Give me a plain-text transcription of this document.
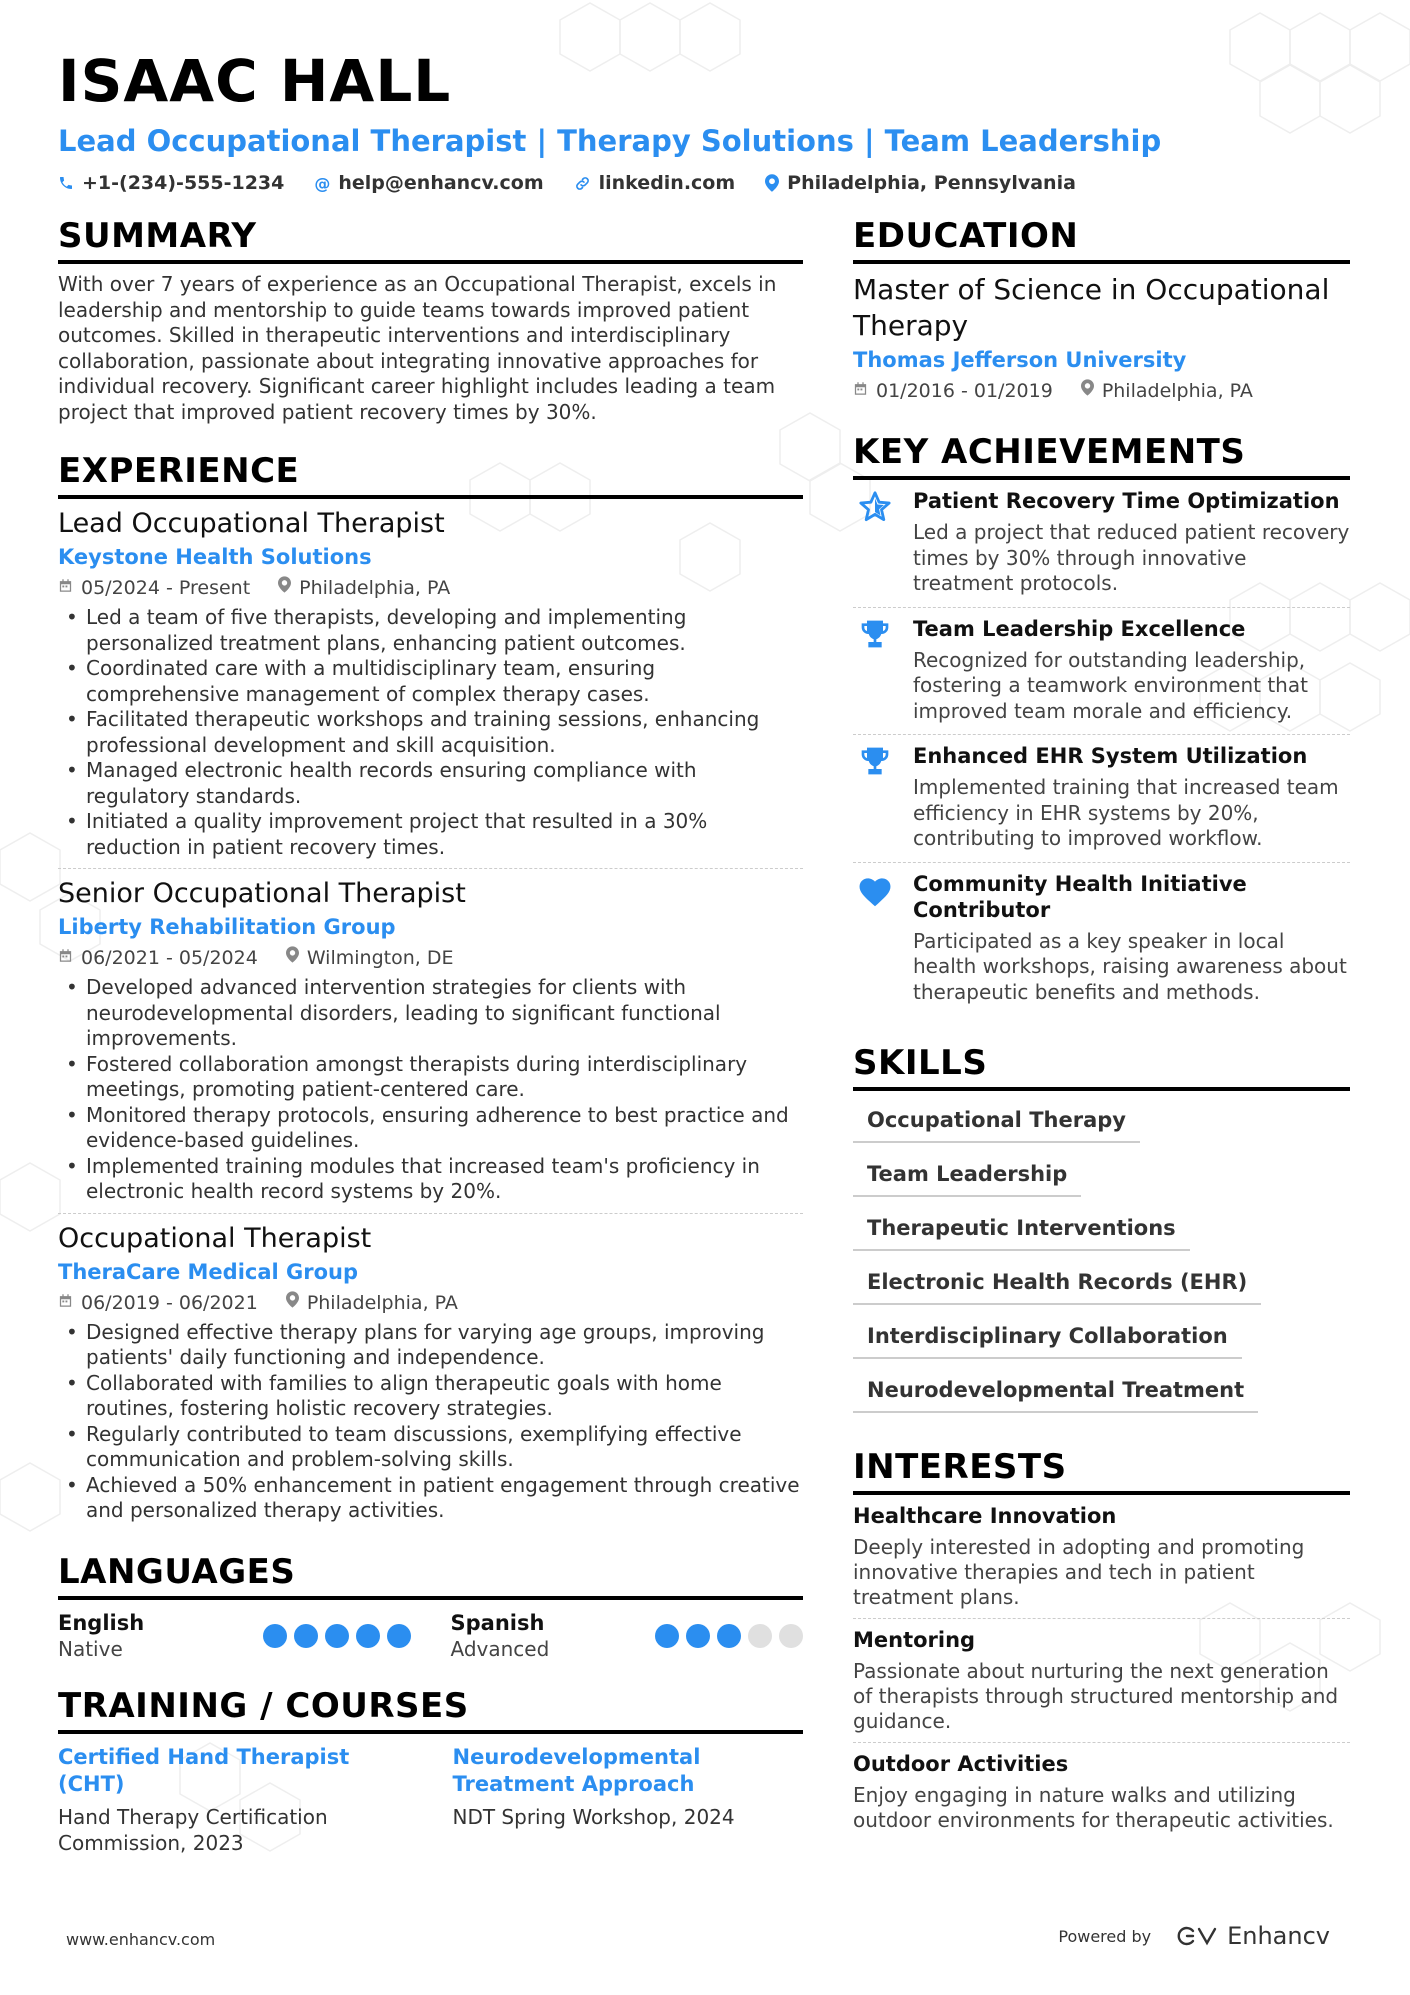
ISAAC HALL
Lead Occupational Therapist | Therapy Solutions | Team Leadership
+1-(234)-555-1234 @ help@enhancv.com	linkedin.com	Philadelphia, Pennsylvania
SUMMARY
With over 7 years of experience as an Occupational Therapist, excels in leadership and mentorship to guide teams towards improved patient outcomes. Skilled in therapeutic interventions and interdisciplinary collaboration, passionate about integrating innovative approaches for individual recovery. Significant career highlight includes leading a team project that improved patient recovery times by 30%.
EXPERIENCE
Lead Occupational Therapist
Keystone Health Solutions
05/2024 - Present	Philadelphia, PA
• Led a team of five therapists, developing and implementing personalized treatment plans, enhancing patient outcomes.
• Coordinated care with a multidisciplinary team, ensuring comprehensive management of complex therapy cases.
• Facilitated therapeutic workshops and training sessions, enhancing professional development and skill acquisition.
• Managed electronic health records ensuring compliance with regulatory standards.
• Initiated a quality improvement project that resulted in a 30% reduction in patient recovery times.
Senior Occupational Therapist
Liberty Rehabilitation Group
06/2021 - 05/2024	Wilmington, DE
• Developed advanced intervention strategies for clients with neurodevelopmental disorders, leading to significant functional improvements.
• Fostered collaboration amongst therapists during interdisciplinary meetings, promoting patient-centered care.
• Monitored therapy protocols, ensuring adherence to best practice and evidence-based guidelines.
• Implemented training modules that increased team's proficiency in electronic health record systems by 20%.
Occupational Therapist
TheraCare Medical Group
06/2019 - 06/2021	Philadelphia, PA
• Designed effective therapy plans for varying age groups, improving patients' daily functioning and independence.
• Collaborated with families to align therapeutic goals with home routines, fostering holistic recovery strategies.
• Regularly contributed to team discussions, exemplifying effective communication and problem-solving skills.
• Achieved a 50% enhancement in patient engagement through creative and personalized therapy activities.
LANGUAGES
English
Native
Spanish
Advanced
TRAINING / COURSES
Certified Hand Therapist (CHT)
Hand Therapy Certification Commission, 2023
Neurodevelopmental Treatment Approach
NDT Spring Workshop, 2024
EDUCATION
Master of Science in Occupational Therapy
Thomas Jefferson University
01/2016 - 01/2019	Philadelphia, PA
KEY ACHIEVEMENTS
Patient Recovery Time Optimization
Led a project that reduced patient recovery times by 30% through innovative treatment protocols.
Team Leadership Excellence
Recognized for outstanding leadership, fostering a teamwork environment that improved team morale and efficiency.
Enhanced EHR System Utilization
Implemented training that increased team efficiency in EHR systems by 20%, contributing to improved workflow.
Community Health Initiative Contributor
Participated as a key speaker in local health workshops, raising awareness about therapeutic benefits and methods.
SKILLS
Occupational Therapy
Team Leadership
Therapeutic Interventions
Electronic Health Records (EHR)
Interdisciplinary Collaboration
Neurodevelopmental Treatment
INTERESTS
Healthcare Innovation
Deeply interested in adopting and promoting innovative therapies and tech in patient treatment plans.
Mentoring
Passionate about nurturing the next generation of therapists through structured mentorship and guidance.
Outdoor Activities
Enjoy engaging in nature walks and utilizing outdoor environments for therapeutic activities.
www.enhancv.com	Powered by	Enhancv
